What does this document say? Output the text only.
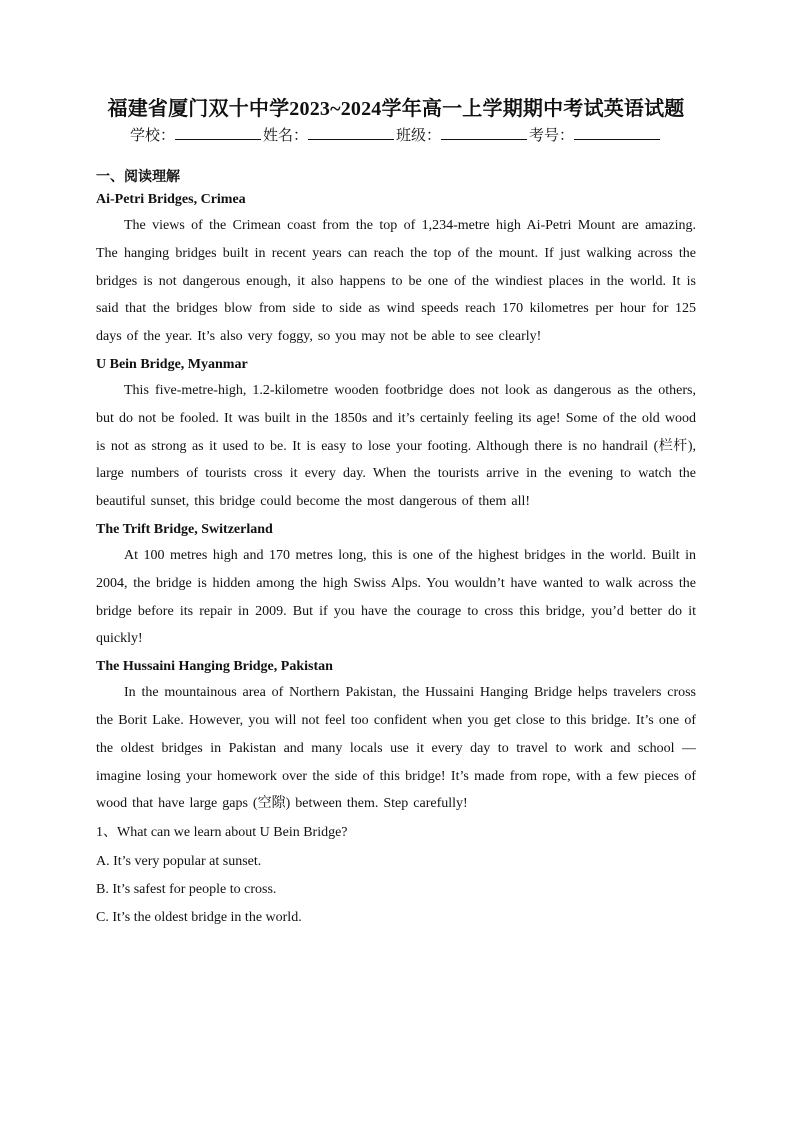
福建省厦门双十中学2023~2024学年高一上学期期中考试英语试题
学校：	姓名：	班级：	考号：
一、阅读理解
Ai-Petri Bridges, Crimea

The views of the Crimean coast from the top of 1,234-metre high Ai-Petri Mount are amazing. The hanging bridges built in recent years can reach the top of the mount. If just walking across the bridges is not dangerous enough, it also happens to be one of the windiest places in the world. It is said that the bridges blow from side to side as wind speeds reach 170 kilometres per hour for 125 days of the year. It’s also very foggy, so you may not be able to see clearly!

U Bein Bridge, Myanmar

This five-metre-high, 1.2-kilometre wooden footbridge does not look as dangerous as the others, but do not be fooled. It was built in the 1850s and it’s certainly feeling its age! Some of the old wood is not as strong as it used to be. It is easy to lose your footing. Although there is no handrail (栏杆), large numbers of tourists cross it every day. When the tourists arrive in the evening to watch the beautiful sunset, this bridge could become the most dangerous of them all!

The Trift Bridge, Switzerland

At 100 metres high and 170 metres long, this is one of the highest bridges in the world. Built in 2004, the bridge is hidden among the high Swiss Alps. You wouldn’t have wanted to walk across the bridge before its repair in 2009. But if you have the courage to cross this bridge, you’d better do it quickly!

The Hussaini Hanging Bridge, Pakistan

In the mountainous area of Northern Pakistan, the Hussaini Hanging Bridge helps travelers cross the Borit Lake. However, you will not feel too confident when you get close to this bridge. It’s one of the oldest bridges in Pakistan and many locals use it every day to travel to work and school — imagine losing your homework over the side of this bridge! It’s made from rope, with a few pieces of wood that have large gaps (空隙) between them. Step carefully!

1、What can we learn about U Bein Bridge?
A. It’s very popular at sunset.
B. It’s safest for people to cross.
C. It’s the oldest bridge in the world.
